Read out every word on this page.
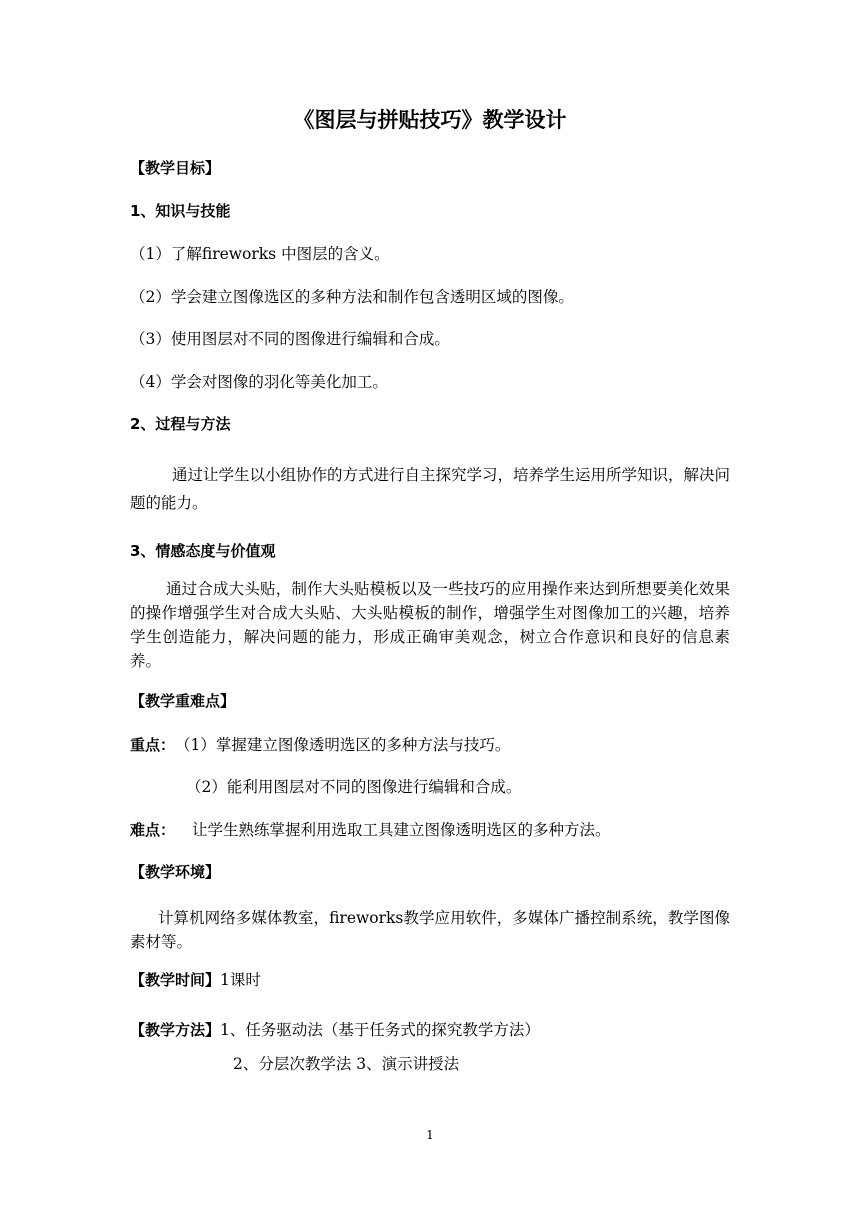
《图层与拼贴技巧》教学设计
【教学目标】
1、知识与技能
（1）了解fireworks 中图层的含义。
（2）学会建立图像选区的多种方法和制作包含透明区域的图像。
（3）使用图层对不同的图像进行编辑和合成。
（4）学会对图像的羽化等美化加工。
2、过程与方法
通过让学生以小组协作的方式进行自主探究学习，培养学生运用所学知识，解决问题的能力。
3、情感态度与价值观
通过合成大头贴，制作大头贴模板以及一些技巧的应用操作来达到所想要美化效果的操作增强学生对合成大头贴、大头贴模板的制作，增强学生对图像加工的兴趣，培养学生创造能力，解决问题的能力，形成正确审美观念，树立合作意识和良好的信息素养。
【教学重难点】
重点： （1）掌握建立图像透明选区的多种方法与技巧。
（2）能利用图层对不同的图像进行编辑和合成。
难点： 让学生熟练掌握利用选取工具建立图像透明选区的多种方法。
【教学环境】
计算机网络多媒体教室，fireworks教学应用软件，多媒体广播控制系统，教学图像素材等。
【教学时间】1课时
【教学方法】1、任务驱动法（基于任务式的探究教学方法）
2、分层次教学法 3、演示讲授法
1
